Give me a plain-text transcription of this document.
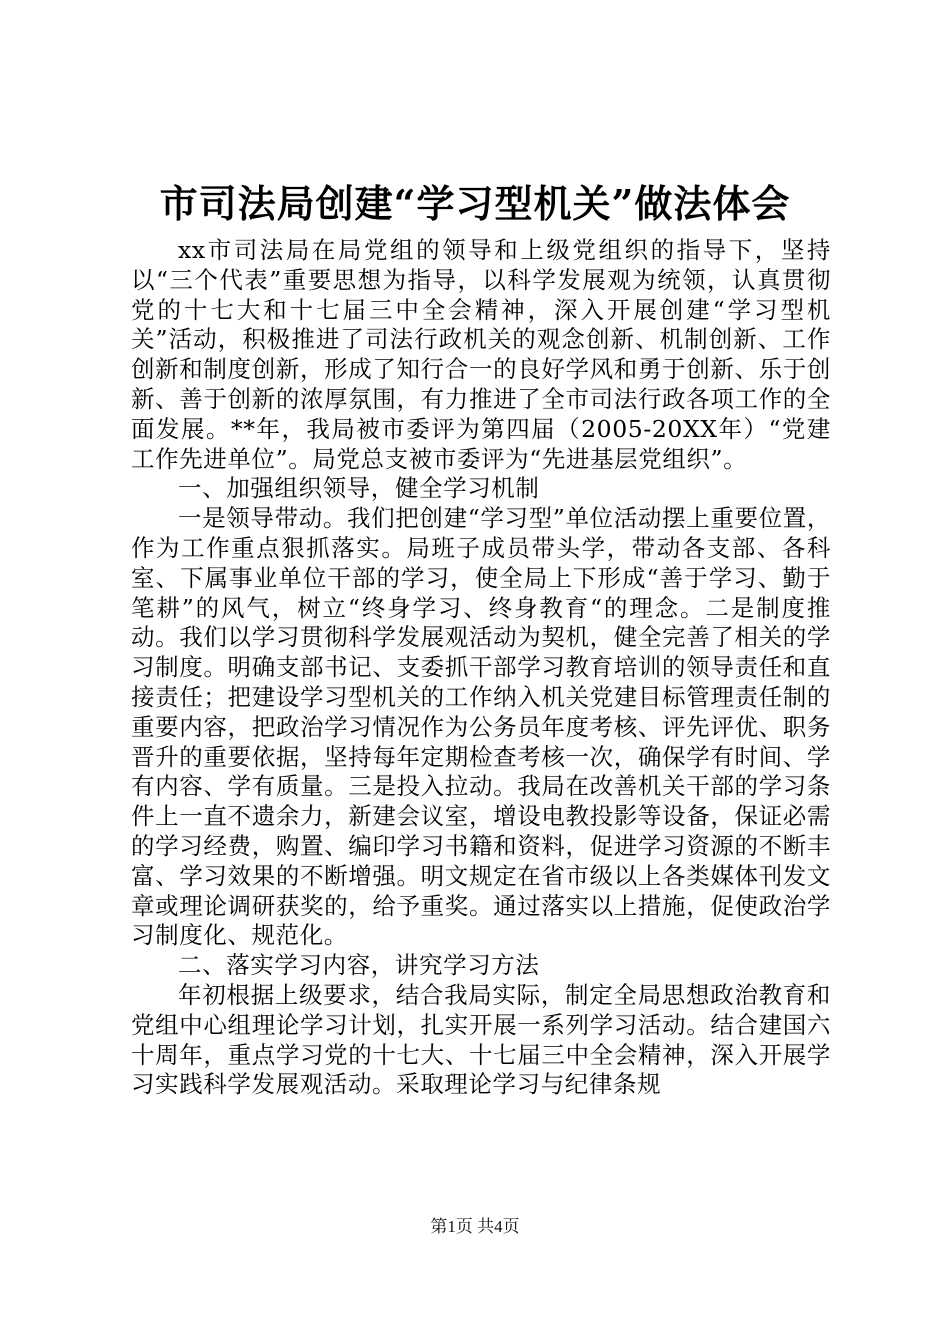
市司法局创建“学习型机关”做法体会

xx市司法局在局党组的领导和上级党组织的指导下，坚持以“三个代表”重要思想为指导，以科学发展观为统领，认真贯彻党的十七大和十七届三中全会精神，深入开展创建“学习型机关”活动，积极推进了司法行政机关的观念创新、机制创新、工作创新和制度创新，形成了知行合一的良好学风和勇于创新、乐于创新、善于创新的浓厚氛围，有力推进了全市司法行政各项工作的全面发展。**年，我局被市委评为第四届（2005-20XX年）“党建工作先进单位”。局党总支被市委评为“先进基层党组织”。

一、加强组织领导，健全学习机制

一是领导带动。我们把创建“学习型”单位活动摆上重要位置，作为工作重点狠抓落实。局班子成员带头学，带动各支部、各科室、下属事业单位干部的学习，使全局上下形成“善于学习、勤于笔耕”的风气，树立“终身学习、终身教育“的理念。二是制度推动。我们以学习贯彻科学发展观活动为契机，健全完善了相关的学习制度。明确支部书记、支委抓干部学习教育培训的领导责任和直接责任；把建设学习型机关的工作纳入机关党建目标管理责任制的重要内容，把政治学习情况作为公务员年度考核、评先评优、职务晋升的重要依据，坚持每年定期检查考核一次，确保学有时间、学有内容、学有质量。三是投入拉动。我局在改善机关干部的学习条件上一直不遗余力，新建会议室，增设电教投影等设备，保证必需的学习经费，购置、编印学习书籍和资料，促进学习资源的不断丰富、学习效果的不断增强。明文规定在省市级以上各类媒体刊发文章或理论调研获奖的，给予重奖。通过落实以上措施，促使政治学习制度化、规范化。

二、落实学习内容，讲究学习方法

年初根据上级要求，结合我局实际，制定全局思想政治教育和党组中心组理论学习计划，扎实开展一系列学习活动。结合建国六十周年，重点学习党的十七大、十七届三中全会精神，深入开展学习实践科学发展观活动。采取理论学习与纪律条规

第1页 共4页
